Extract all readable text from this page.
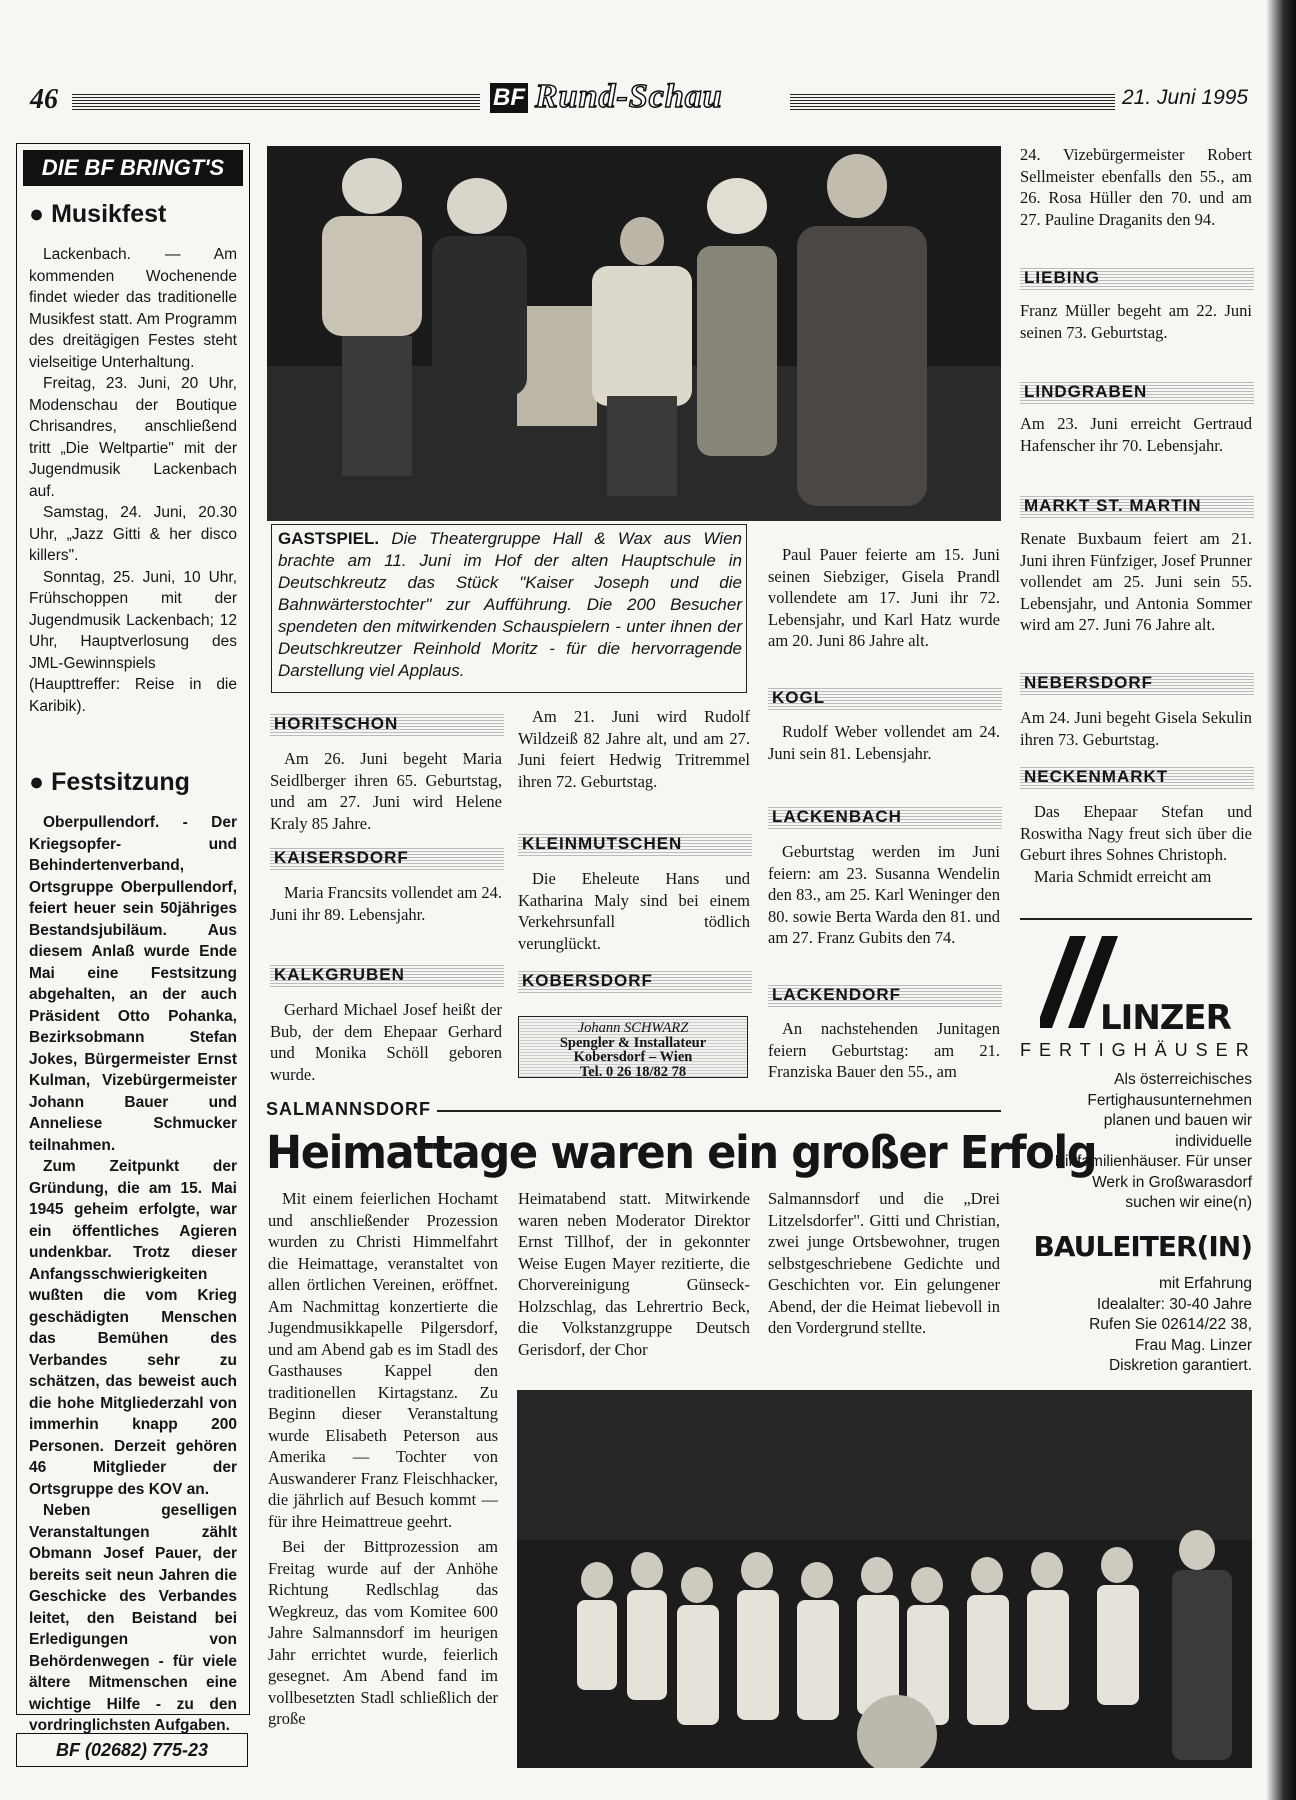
46	BF Rund-Schau	21. Juni 1995
DIE BF BRINGT'S
● Musikfest

Lackenbach. — Am kommenden Wochenende findet wieder das traditionelle Musikfest statt. Am Programm des dreitägigen Festes steht vielseitige Unterhaltung.

Freitag, 23. Juni, 20 Uhr, Modenschau der Boutique Chrisandres, anschließend tritt „Die Weltpartie" mit der Jugendmusik Lackenbach auf.

Samstag, 24. Juni, 20.30 Uhr, „Jazz Gitti & her disco killers".

Sonntag, 25. Juni, 10 Uhr, Frühschoppen mit der Jugendmusik Lackenbach; 12 Uhr, Hauptverlosung des JML-Gewinnspiels (Haupttreffer: Reise in die Karibik).

● Festsitzung

Oberpullendorf. - Der Kriegsopfer- und Behindertenverband, Ortsgruppe Oberpullendorf, feiert heuer sein 50jähriges Bestandsjubiläum. Aus diesem Anlaß wurde Ende Mai eine Festsitzung abgehalten, an der auch Präsident Otto Pohanka, Bezirksobmann Stefan Jokes, Bürgermeister Ernst Kulman, Vizebürgermeister Johann Bauer und Anneliese Schmucker teilnahmen.

Zum Zeitpunkt der Gründung, die am 15. Mai 1945 geheim erfolgte, war ein öffentliches Agieren undenkbar. Trotz dieser Anfangsschwierigkeiten wußten die vom Krieg geschädigten Menschen das Bemühen des Verbandes sehr zu schätzen, das beweist auch die hohe Mitgliederzahl von immerhin knapp 200 Personen. Derzeit gehören 46 Mitglieder der Ortsgruppe des KOV an.

Neben geselligen Veranstaltungen zählt Obmann Josef Pauer, der bereits seit neun Jahren die Geschicke des Verbandes leitet, den Beistand bei Erledigungen von Behördenwegen - für viele ältere Mitmenschen eine wichtige Hilfe - zu den vordringlichsten Aufgaben.

BF (02682) 775-23
GASTSPIEL. Die Theatergruppe Hall & Wax aus Wien brachte am 11. Juni im Hof der alten Hauptschule in Deutschkreutz das Stück "Kaiser Joseph und die Bahnwärterstochter" zur Aufführung. Die 200 Besucher spendeten den mitwirkenden Schauspielern - unter ihnen der Deutschkreutzer Reinhold Moritz - für die hervorragende Darstellung viel Applaus.
24. Vizebürgermeister Robert Sellmeister ebenfalls den 55., am 26. Rosa Hüller den 70. und am 27. Pauline Draganits den 94.
LIEBING
Franz Müller begeht am 22. Juni seinen 73. Geburtstag.
LINDGRABEN
Am 23. Juni erreicht Gertraud Hafenscher ihr 70. Lebensjahr.
MARKT ST. MARTIN
Renate Buxbaum feiert am 21. Juni ihren Fünfziger, Josef Prunner vollendet am 25. Juni sein 55. Lebensjahr, und Antonia Sommer wird am 27. Juni 76 Jahre alt.
NEBERSDORF
Am 24. Juni begeht Gisela Sekulin ihren 73. Geburtstag.
NECKENMARKT

Das Ehepaar Stefan und Roswitha Nagy freut sich über die Geburt ihres Sohnes Christoph.

Maria Schmidt erreicht am

Paul Pauer feierte am 15. Juni seinen Siebziger, Gisela Prandl vollendete am 17. Juni ihr 72. Lebensjahr, und Karl Hatz wurde am 20. Juni 86 Jahre alt.
KOGL
Rudolf Weber vollendet am 24. Juni sein 81. Lebensjahr.
LACKENBACH
Geburtstag werden im Juni feiern: am 23. Susanna Wendelin den 83., am 25. Karl Weninger den 80. sowie Berta Warda den 81. und am 27. Franz Gubits den 74.
LACKENDORF
An nachstehenden Junitagen feiern Geburtstag: am 21. Franziska Bauer den 55., am
HORITSCHON
Am 26. Juni begeht Maria Seidlberger ihren 65. Geburtstag, und am 27. Juni wird Helene Kraly 85 Jahre.
KAISERSDORF
Maria Francsits vollendet am 24. Juni ihr 89. Lebensjahr.
KALKGRUBEN
Gerhard Michael Josef heißt der Bub, der dem Ehepaar Gerhard und Monika Schöll geboren wurde.
Am 21. Juni wird Rudolf Wildzeiß 82 Jahre alt, und am 27. Juni feiert Hedwig Tritremmel ihren 72. Geburtstag.
KLEINMUTSCHEN
Die Eheleute Hans und Katharina Maly sind bei einem Verkehrsunfall tödlich verunglückt.
KOBERSDORF
Johann SCHWARZ
Spengler & Installateur
Kobersdorf – Wien
Tel. 0 26 18/82 78
SALMANNSDORF
Heimattage waren ein großer Erfolg

Mit einem feierlichen Hochamt und anschließender Prozession wurden zu Christi Himmelfahrt die Heimattage, veranstaltet von allen örtlichen Vereinen, eröffnet. Am Nachmittag konzertierte die Jugendmusikkapelle Pilgersdorf, und am Abend gab es im Stadl des Gasthauses Kappel den traditionellen Kirtagstanz. Zu Beginn dieser Veranstaltung wurde Elisabeth Peterson aus Amerika — Tochter von Auswanderer Franz Fleischhacker, die jährlich auf Besuch kommt — für ihre Heimattreue geehrt.

Bei der Bittprozession am Freitag wurde auf der Anhöhe Richtung Redlschlag das Wegkreuz, das vom Komitee 600 Jahre Salmannsdorf im heurigen Jahr errichtet wurde, feierlich gesegnet. Am Abend fand im vollbesetzten Stadl schließlich der große

Heimatabend statt. Mitwirkende waren neben Moderator Direktor Ernst Tillhof, der in gekonnter Weise Eugen Mayer rezitierte, die Chorvereinigung Günseck-Holzschlag, das Lehrertrio Beck, die Volkstanzgruppe Deutsch Gerisdorf, der Chor
Salmannsdorf und die „Drei Litzelsdorfer". Gitti und Christian, zwei junge Ortsbewohner, trugen selbstgeschriebene Gedichte und Geschichten vor. Ein gelungener Abend, der die Heimat liebevoll in den Vordergrund stellte.
LINZER
FERTIGHÄUSER
Als österreichisches Fertighausunternehmen planen und bauen wir individuelle Einfamilienhäuser. Für unser Werk in Großwarasdorf suchen wir eine(n)
BAULEITER(IN)
mit Erfahrung
Idealalter: 30-40 Jahre
Rufen Sie 02614/22 38,
Frau Mag. Linzer
Diskretion garantiert.
